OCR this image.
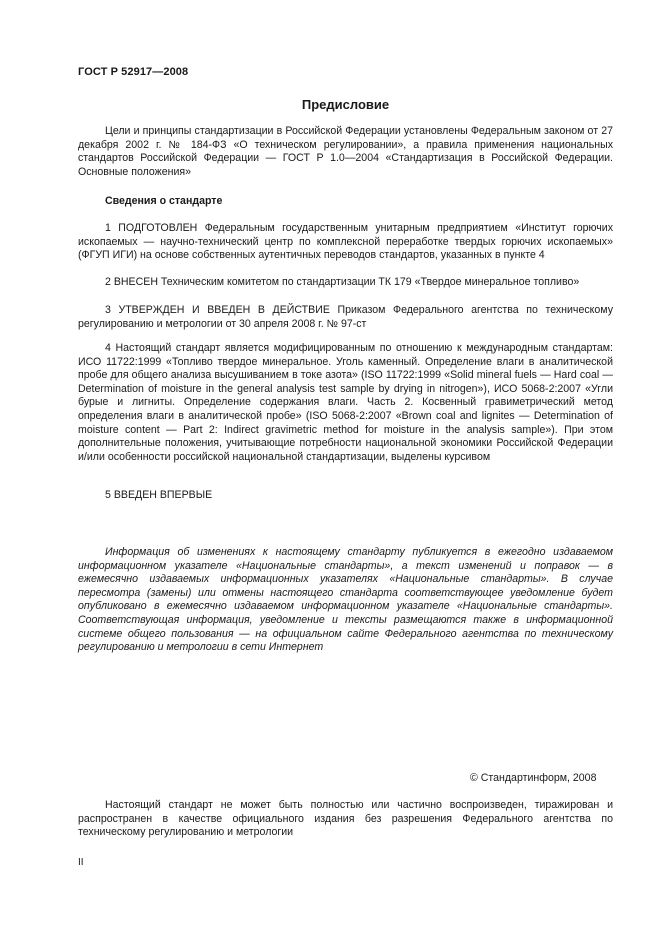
ГОСТ Р 52917—2008
Предисловие

Цели и принципы стандартизации в Российской Федерации установлены Федеральным законом от 27 декабря 2002 г. № 184-ФЗ «О техническом регулировании», а правила применения национальных стандартов Российской Федерации — ГОСТ Р 1.0—2004 «Стандартизация в Российской Федерации. Основные положения»

Сведения о стандарте

1 ПОДГОТОВЛЕН Федеральным государственным унитарным предприятием «Институт горючих ископаемых — научно-технический центр по комплексной переработке твердых горючих ископаемых» (ФГУП ИГИ) на основе собственных аутентичных переводов стандартов, указанных в пункте 4

2 ВНЕСЕН Техническим комитетом по стандартизации ТК 179 «Твердое минеральное топливо»

3 УТВЕРЖДЕН И ВВЕДЕН В ДЕЙСТВИЕ Приказом Федерального агентства по техническому регулированию и метрологии от 30 апреля 2008 г. № 97-ст

4 Настоящий стандарт является модифицированным по отношению к международным стандартам: ИСО 11722:1999 «Топливо твердое минеральное. Уголь каменный. Определение влаги в аналитической пробе для общего анализа высушиванием в токе азота» (ISO 11722:1999 «Solid mineral fuels — Hard coal — Determination of moisture in the general analysis test sample by drying in nitrogen»), ИСО 5068-2:2007 «Угли бурые и лигниты. Определение содержания влаги. Часть 2. Косвенный гравиметрический метод определения влаги в аналитической пробе» (ISO 5068-2:2007 «Brown coal and lignites — Determination of moisture content — Part 2: Indirect gravimetric method for moisture in the analysis sample»). При этом дополнительные положения, учитывающие потребности национальной экономики Российской Федерации и/или особенности российской национальной стандартизации, выделены курсивом

5 ВВЕДЕН ВПЕРВЫЕ

Информация об изменениях к настоящему стандарту публикуется в ежегодно издаваемом информационном указателе «Национальные стандарты», а текст изменений и поправок — в ежемесячно издаваемых информационных указателях «Национальные стандарты». В случае пересмотра (замены) или отмены настоящего стандарта соответствующее уведомление будет опубликовано в ежемесячно издаваемом информационном указателе «Национальные стандарты». Соответствующая информация, уведомление и тексты размещаются также в информационной системе общего пользования — на официальном сайте Федерального агентства по техническому регулированию и метрологии в сети Интернет

© Стандартинформ, 2008

Настоящий стандарт не может быть полностью или частично воспроизведен, тиражирован и распространен в качестве официального издания без разрешения Федерального агентства по техническому регулированию и метрологии

II
